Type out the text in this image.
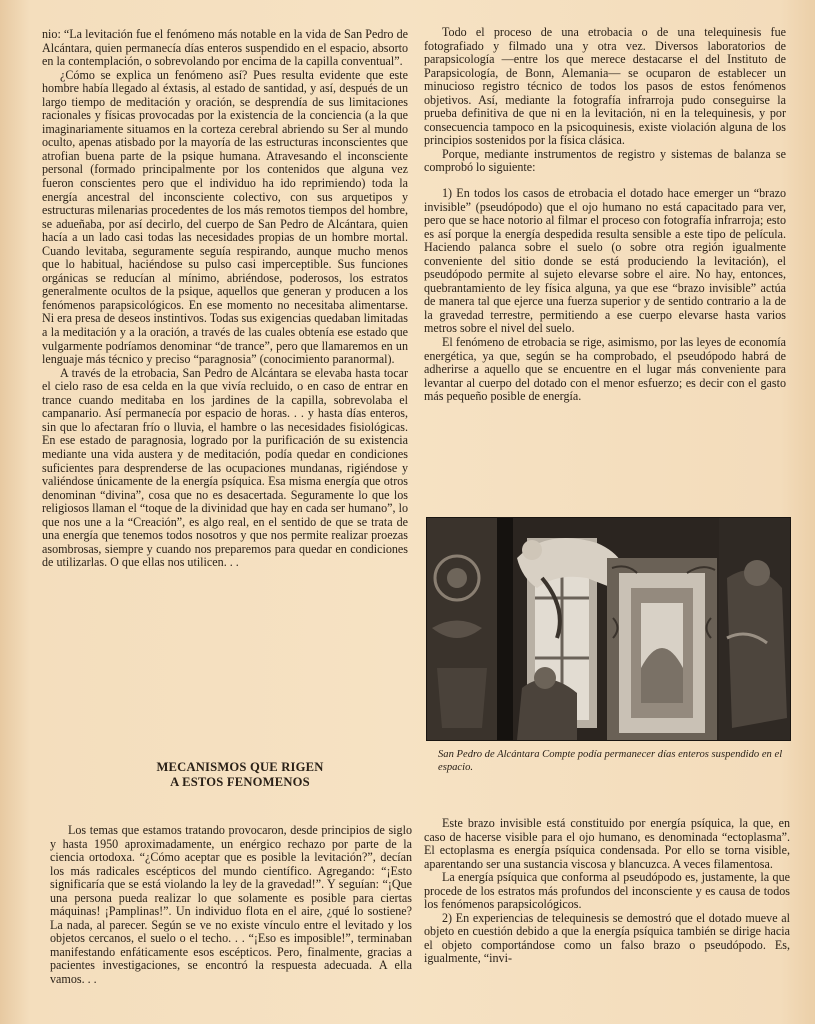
nio: “La levitación fue el fenómeno más notable en la vida de San Pedro de Alcántara, quien permanecía días enteros suspendido en el espacio, absorto en la contemplación, o sobrevolando por encima de la capilla conventual”.

¿Cómo se explica un fenómeno así? Pues resulta evidente que este hombre había llegado al éxtasis, al estado de santidad, y así, después de un largo tiempo de meditación y oración, se desprendía de sus limitaciones racionales y físicas provocadas por la existencia de la conciencia (a la que imaginariamente situamos en la corteza cerebral abriendo su Ser al mundo oculto, apenas atisbado por la mayoría de las estructuras inconscientes que atrofian buena parte de la psique humana. Atravesando el inconsciente personal (formado principalmente por los contenidos que alguna vez fueron conscientes pero que el individuo ha ido reprimiendo) toda la energía ancestral del inconsciente colectivo, con sus arquetipos y estructuras milenarias procedentes de los más remotos tiempos del hombre, se adueñaba, por así decirlo, del cuerpo de San Pedro de Alcántara, quien hacía a un lado casi todas las necesidades propias de un hombre mortal. Cuando levitaba, seguramente seguía respirando, aunque mucho menos que lo habitual, haciéndose su pulso casi imperceptible. Sus funciones orgánicas se reducían al mínimo, abriéndose, poderosos, los estratos generalmente ocultos de la psique, aquellos que generan y producen a los fenómenos parapsicológicos. En ese momento no necesitaba alimentarse. Ni era presa de deseos instintivos. Todas sus exigencias quedaban limitadas a la meditación y a la oración, a través de las cuales obtenía ese estado que vulgarmente podríamos denominar “de trance”, pero que llamaremos en un lenguaje más técnico y preciso “paragnosia” (conocimiento paranormal).

A través de la etrobacia, San Pedro de Alcántara se elevaba hasta tocar el cielo raso de esa celda en la que vivía recluido, o en caso de entrar en trance cuando meditaba en los jardines de la capilla, sobrevolaba el campanario. Así permanecía por espacio de horas. . . y hasta días enteros, sin que lo afectaran frío o lluvia, el hambre o las necesidades fisiológicas. En ese estado de paragnosia, logrado por la purificación de su existencia mediante una vida austera y de meditación, podía quedar en condiciones suficientes para desprenderse de las ocupaciones mundanas, rigiéndose y valiéndose únicamente de la energía psíquica. Esa misma energía que otros denominan “divina”, cosa que no es desacertada. Seguramente lo que los religiosos llaman el “toque de la divinidad que hay en cada ser humano”, lo que nos une a la “Creación”, es algo real, en el sentido de que se trata de una energía que tenemos todos nosotros y que nos permite realizar proezas asombrosas, siempre y cuando nos preparemos para quedar en condiciones de utilizarlas. O que ellas nos utilicen. . .

Todo el proceso de una etrobacia o de una telequinesis fue fotografiado y filmado una y otra vez. Diversos laboratorios de parapsicología —entre los que merece destacarse el del Instituto de Parapsicología, de Bonn, Alemania— se ocuparon de establecer un minucioso registro técnico de todos los pasos de estos fenómenos objetivos. Así, mediante la fotografía infrarroja pudo conseguirse la prueba definitiva de que ni en la levitación, ni en la telequinesis, y por consecuencia tampoco en la psicoquinesis, existe violación alguna de los principios sostenidos por la física clásica.

Porque, mediante instrumentos de registro y sistemas de balanza se comprobó lo siguiente:

1) En todos los casos de etrobacia el dotado hace emerger un “brazo invisible” (pseudópodo) que el ojo humano no está capacitado para ver, pero que se hace notorio al filmar el proceso con fotografía infrarroja; esto es así porque la energía despedida resulta sensible a este tipo de película. Haciendo palanca sobre el suelo (o sobre otra región igualmente conveniente del sitio donde se está produciendo la levitación), el pseudópodo permite al sujeto elevarse sobre el aire. No hay, entonces, quebrantamiento de ley física alguna, ya que ese “brazo invisible” actúa de manera tal que ejerce una fuerza superior y de sentido contrario a la de la gravedad terrestre, permitiendo a ese cuerpo elevarse hasta varios metros sobre el nivel del suelo.

El fenómeno de etrobacia se rige, asimismo, por las leyes de economía energética, ya que, según se ha comprobado, el pseudópodo habrá de adherirse a aquello que se encuentre en el lugar más conveniente para levantar al cuerpo del dotado con el menor esfuerzo; es decir con el gasto más pequeño posible de energía.

San Pedro de Alcántara Compte podía permanecer días enteros suspendido en el espacio.
MECANISMOS QUE RIGEN
A ESTOS FENOMENOS

Los temas que estamos tratando provocaron, desde principios de siglo y hasta 1950 aproximadamente, un enérgico rechazo por parte de la ciencia ortodoxa. “¿Cómo aceptar que es posible la levitación?”, decían los más radicales escépticos del mundo científico. Agregando: “¡Esto significaría que se está violando la ley de la gravedad!”. Y seguían: “¡Que una persona pueda realizar lo que solamente es posible para ciertas máquinas! ¡Pamplinas!”. Un individuo flota en el aire, ¿qué lo sostiene? La nada, al parecer. Según se ve no existe vínculo entre el levitado y los objetos cercanos, el suelo o el techo. . . “¡Eso es imposible!”, terminaban manifestando enfáticamente esos escépticos. Pero, finalmente, gracias a pacientes investigaciones, se encontró la respuesta adecuada. A ella vamos. . .

Este brazo invisible está constituido por energía psíquica, la que, en caso de hacerse visible para el ojo humano, es denominada “ectoplasma”. El ectoplasma es energía psíquica condensada. Por ello se torna visible, aparentando ser una sustancia viscosa y blancuzca. A veces filamentosa.

La energía psíquica que conforma al pseudópodo es, justamente, la que procede de los estratos más profundos del inconsciente y es causa de todos los fenómenos parapsicológicos.

2) En experiencias de telequinesis se demostró que el dotado mueve al objeto en cuestión debido a que la energía psíquica también se dirige hacia el objeto comportándose como un falso brazo o pseudópodo. Es, igualmente, “invi-
